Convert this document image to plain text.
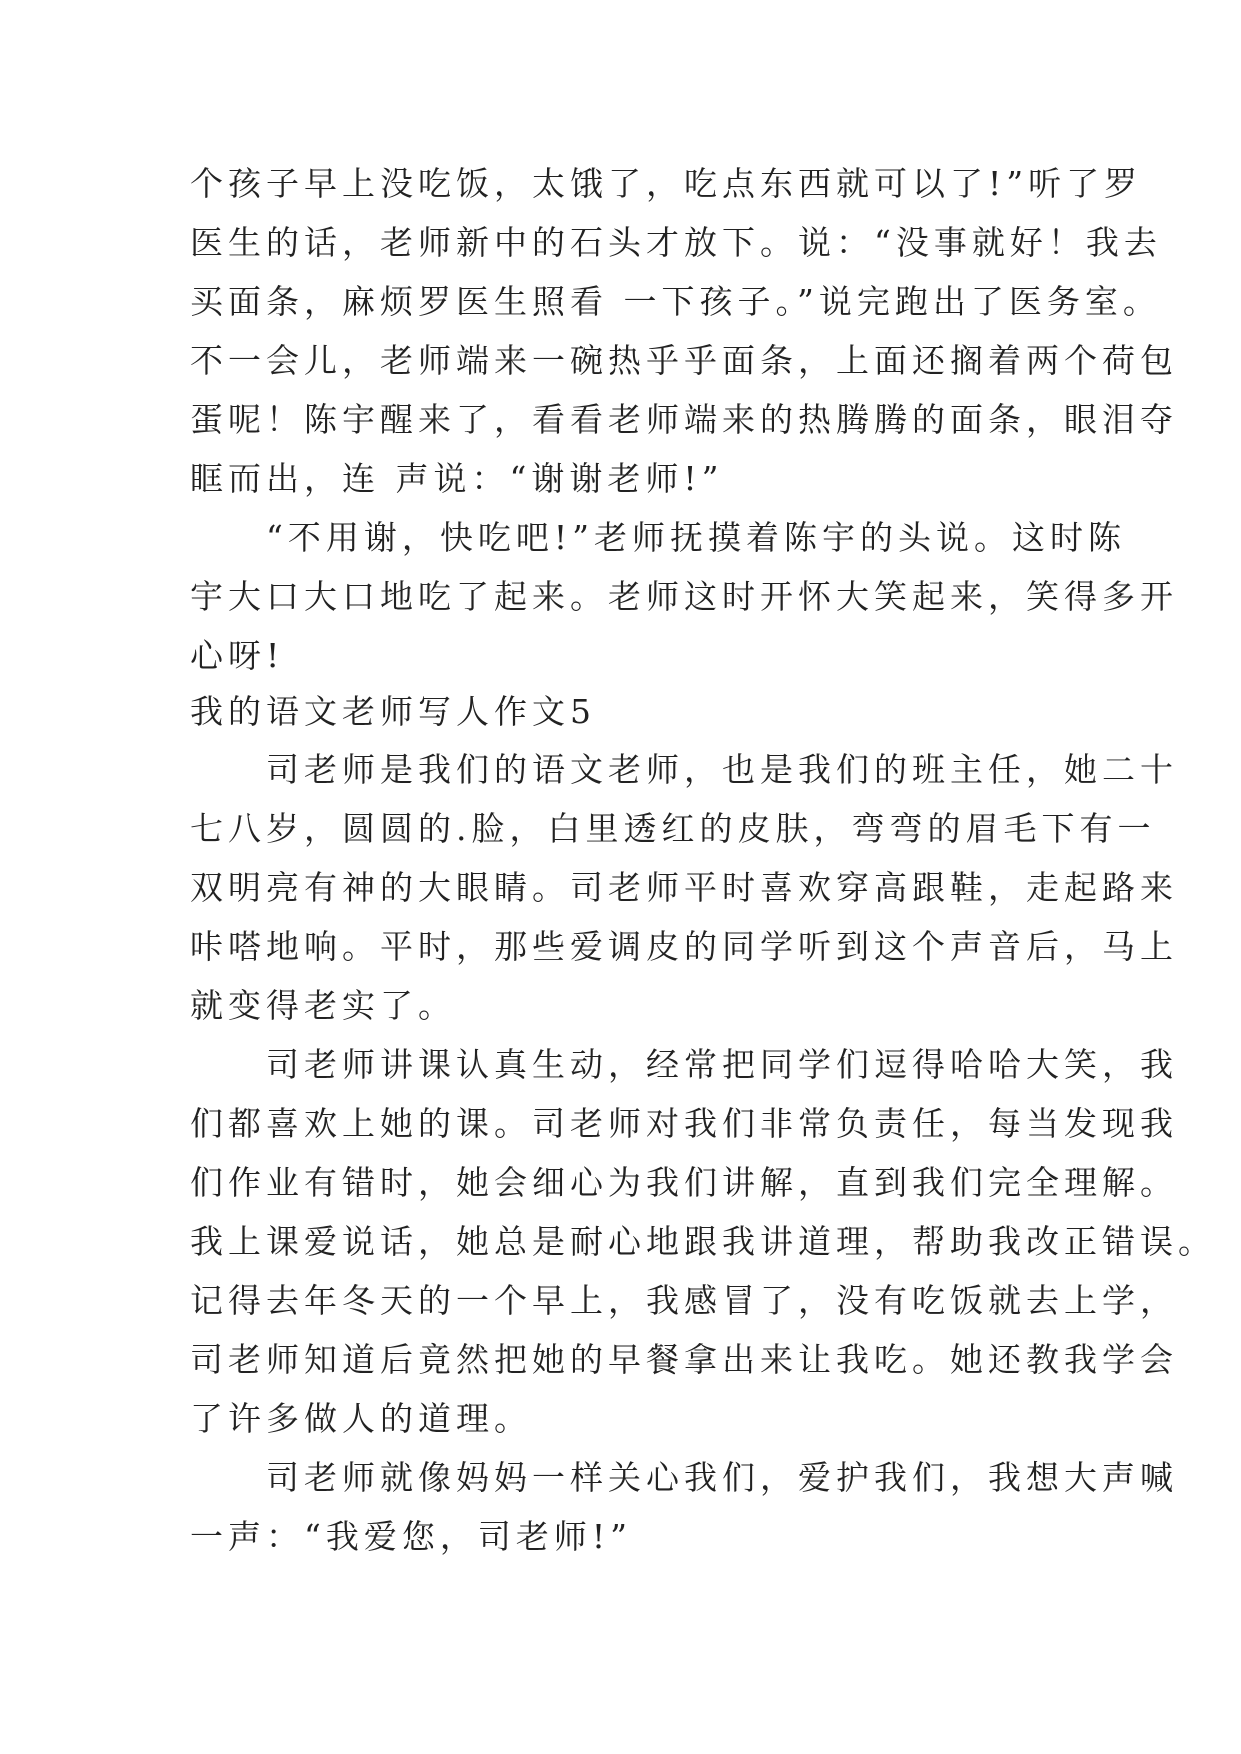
个孩子早上没吃饭，太饿了，吃点东西就可以了!”听了罗
医生的话，老师新中的石头才放下。说：“没事就好！我去
买面条，麻烦罗医生照看 一下孩子。”说完跑出了医务室。
不一会儿，老师端来一碗热乎乎面条，上面还搁着两个荷包
蛋呢！陈宇醒来了，看看老师端来的热腾腾的面条，眼泪夺
眶而出，连 声说：“谢谢老师!”
　　“不用谢，快吃吧!”老师抚摸着陈宇的头说。这时陈
宇大口大口地吃了起来。老师这时开怀大笑起来，笑得多开
心呀!
我的语文老师写人作文5
　　司老师是我们的语文老师，也是我们的班主任，她二十
七八岁，圆圆的.脸，白里透红的皮肤，弯弯的眉毛下有一
双明亮有神的大眼睛。司老师平时喜欢穿高跟鞋，走起路来
咔嗒地响。平时，那些爱调皮的同学听到这个声音后，马上
就变得老实了。
　　司老师讲课认真生动，经常把同学们逗得哈哈大笑，我
们都喜欢上她的课。司老师对我们非常负责任，每当发现我
们作业有错时，她会细心为我们讲解，直到我们完全理解。
我上课爱说话，她总是耐心地跟我讲道理，帮助我改正错误。
记得去年冬天的一个早上，我感冒了，没有吃饭就去上学，
司老师知道后竟然把她的早餐拿出来让我吃。她还教我学会
了许多做人的道理。
　　司老师就像妈妈一样关心我们，爱护我们，我想大声喊
一声：“我爱您，司老师!”
